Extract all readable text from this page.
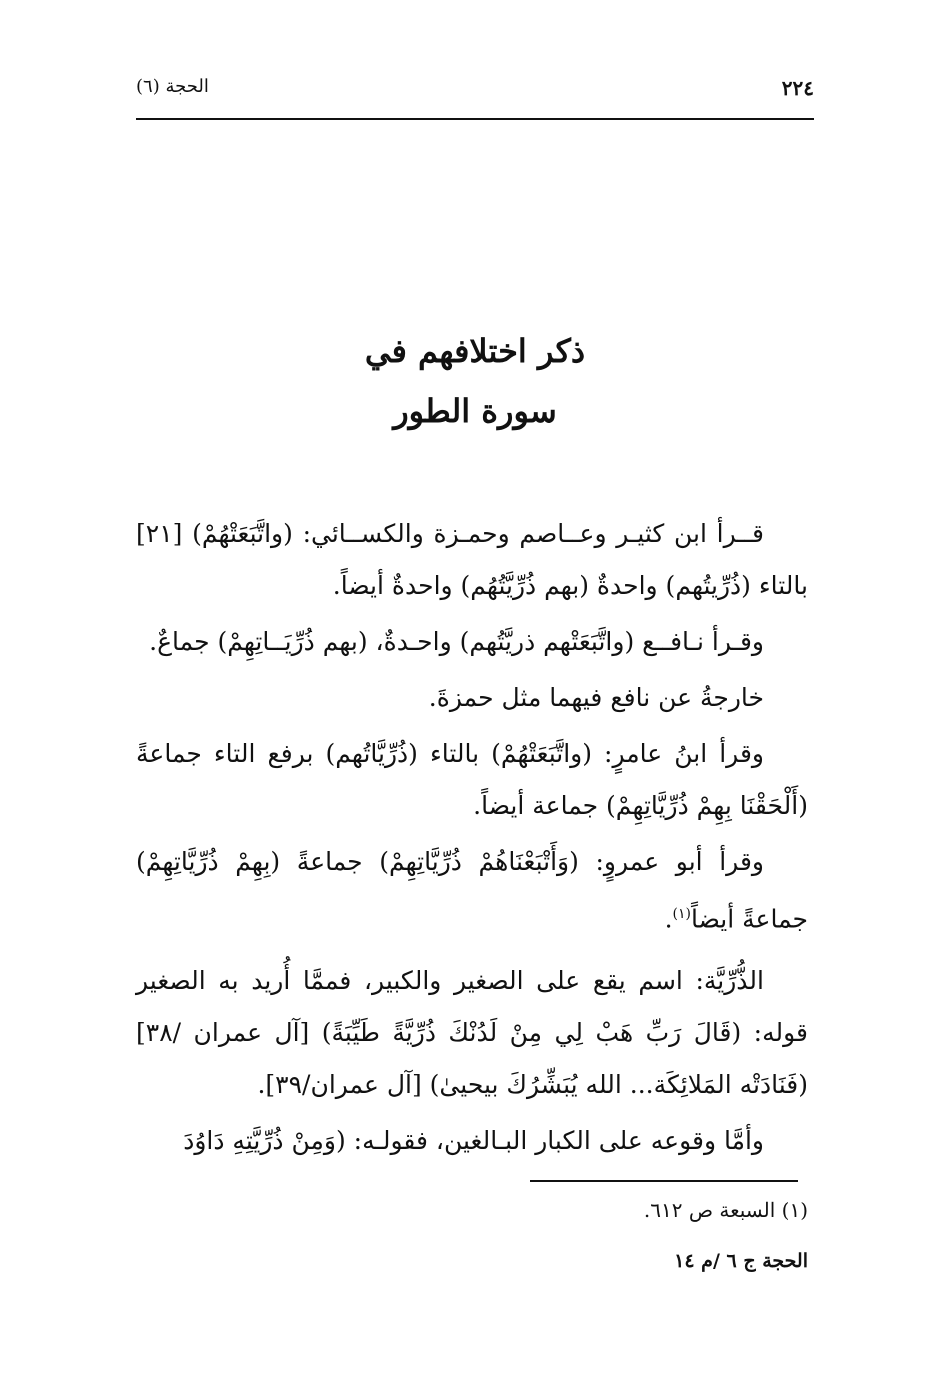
٢٢٤
الحجة (٦)
ذكر اختلافهم في
سورة الطور

قــرأ ابن كثيـر وعــاصم وحمـزة والكســائي: (واتَّبَعَتْهُمْ) [٢١] بالتاء (ذُرِّيتُهم) واحدةٌ (بهم ذُرِّيَّتُهُم) واحدةٌ أيضاً.

وقـرأ نـافــع (واتَّبَعَتْهم ذريَّتُهم) واحـدةٌ، (بهم ذُرِّيَــاتِهِمْ) جماعٌ.

خارجةُ عن نافع فيهما مثل حمزةَ.

وقرأ ابنُ عامرٍ: (واتَّبَعَتْهُمْ) بالتاء (ذُرِّيَّاتُهم) برفع التاء جماعةً (أَلْحَقْنَا بِهِمْ ذُرِّيَّاتِهِمْ) جماعة أيضاً.

وقرأ أبو عمروٍ: (وَأَتْبَعْنَاهُمْ ذُرِّيَّاتِهِمْ) جماعةً (بِهِمْ ذُرِّيَّاتِهِمْ) جماعةً أيضاً$^{(١)}$.

الذُّرِّيَّة: اسم يقع على الصغير والكبير، فممَّا أُريد به الصغير قوله: (قَالَ رَبِّ هَبْ لِي مِنْ لَدُنْكَ ذُرِّيَّةً طَيِّبَةً) [آل عمران /٣٨] (فَنَادَتْه المَلائِكَة... الله يُبَشِّرُكَ بيحيىٰ) [آل عمران/٣٩].

وأمَّا وقوعه على الكبار البـالغين، فقولـه: (وَمِنْ ذُرِّيَّتِهِ دَاوُدَ

(١) السبعة ص ٦١٢.
الحجة ج ٦ /م ١٤
